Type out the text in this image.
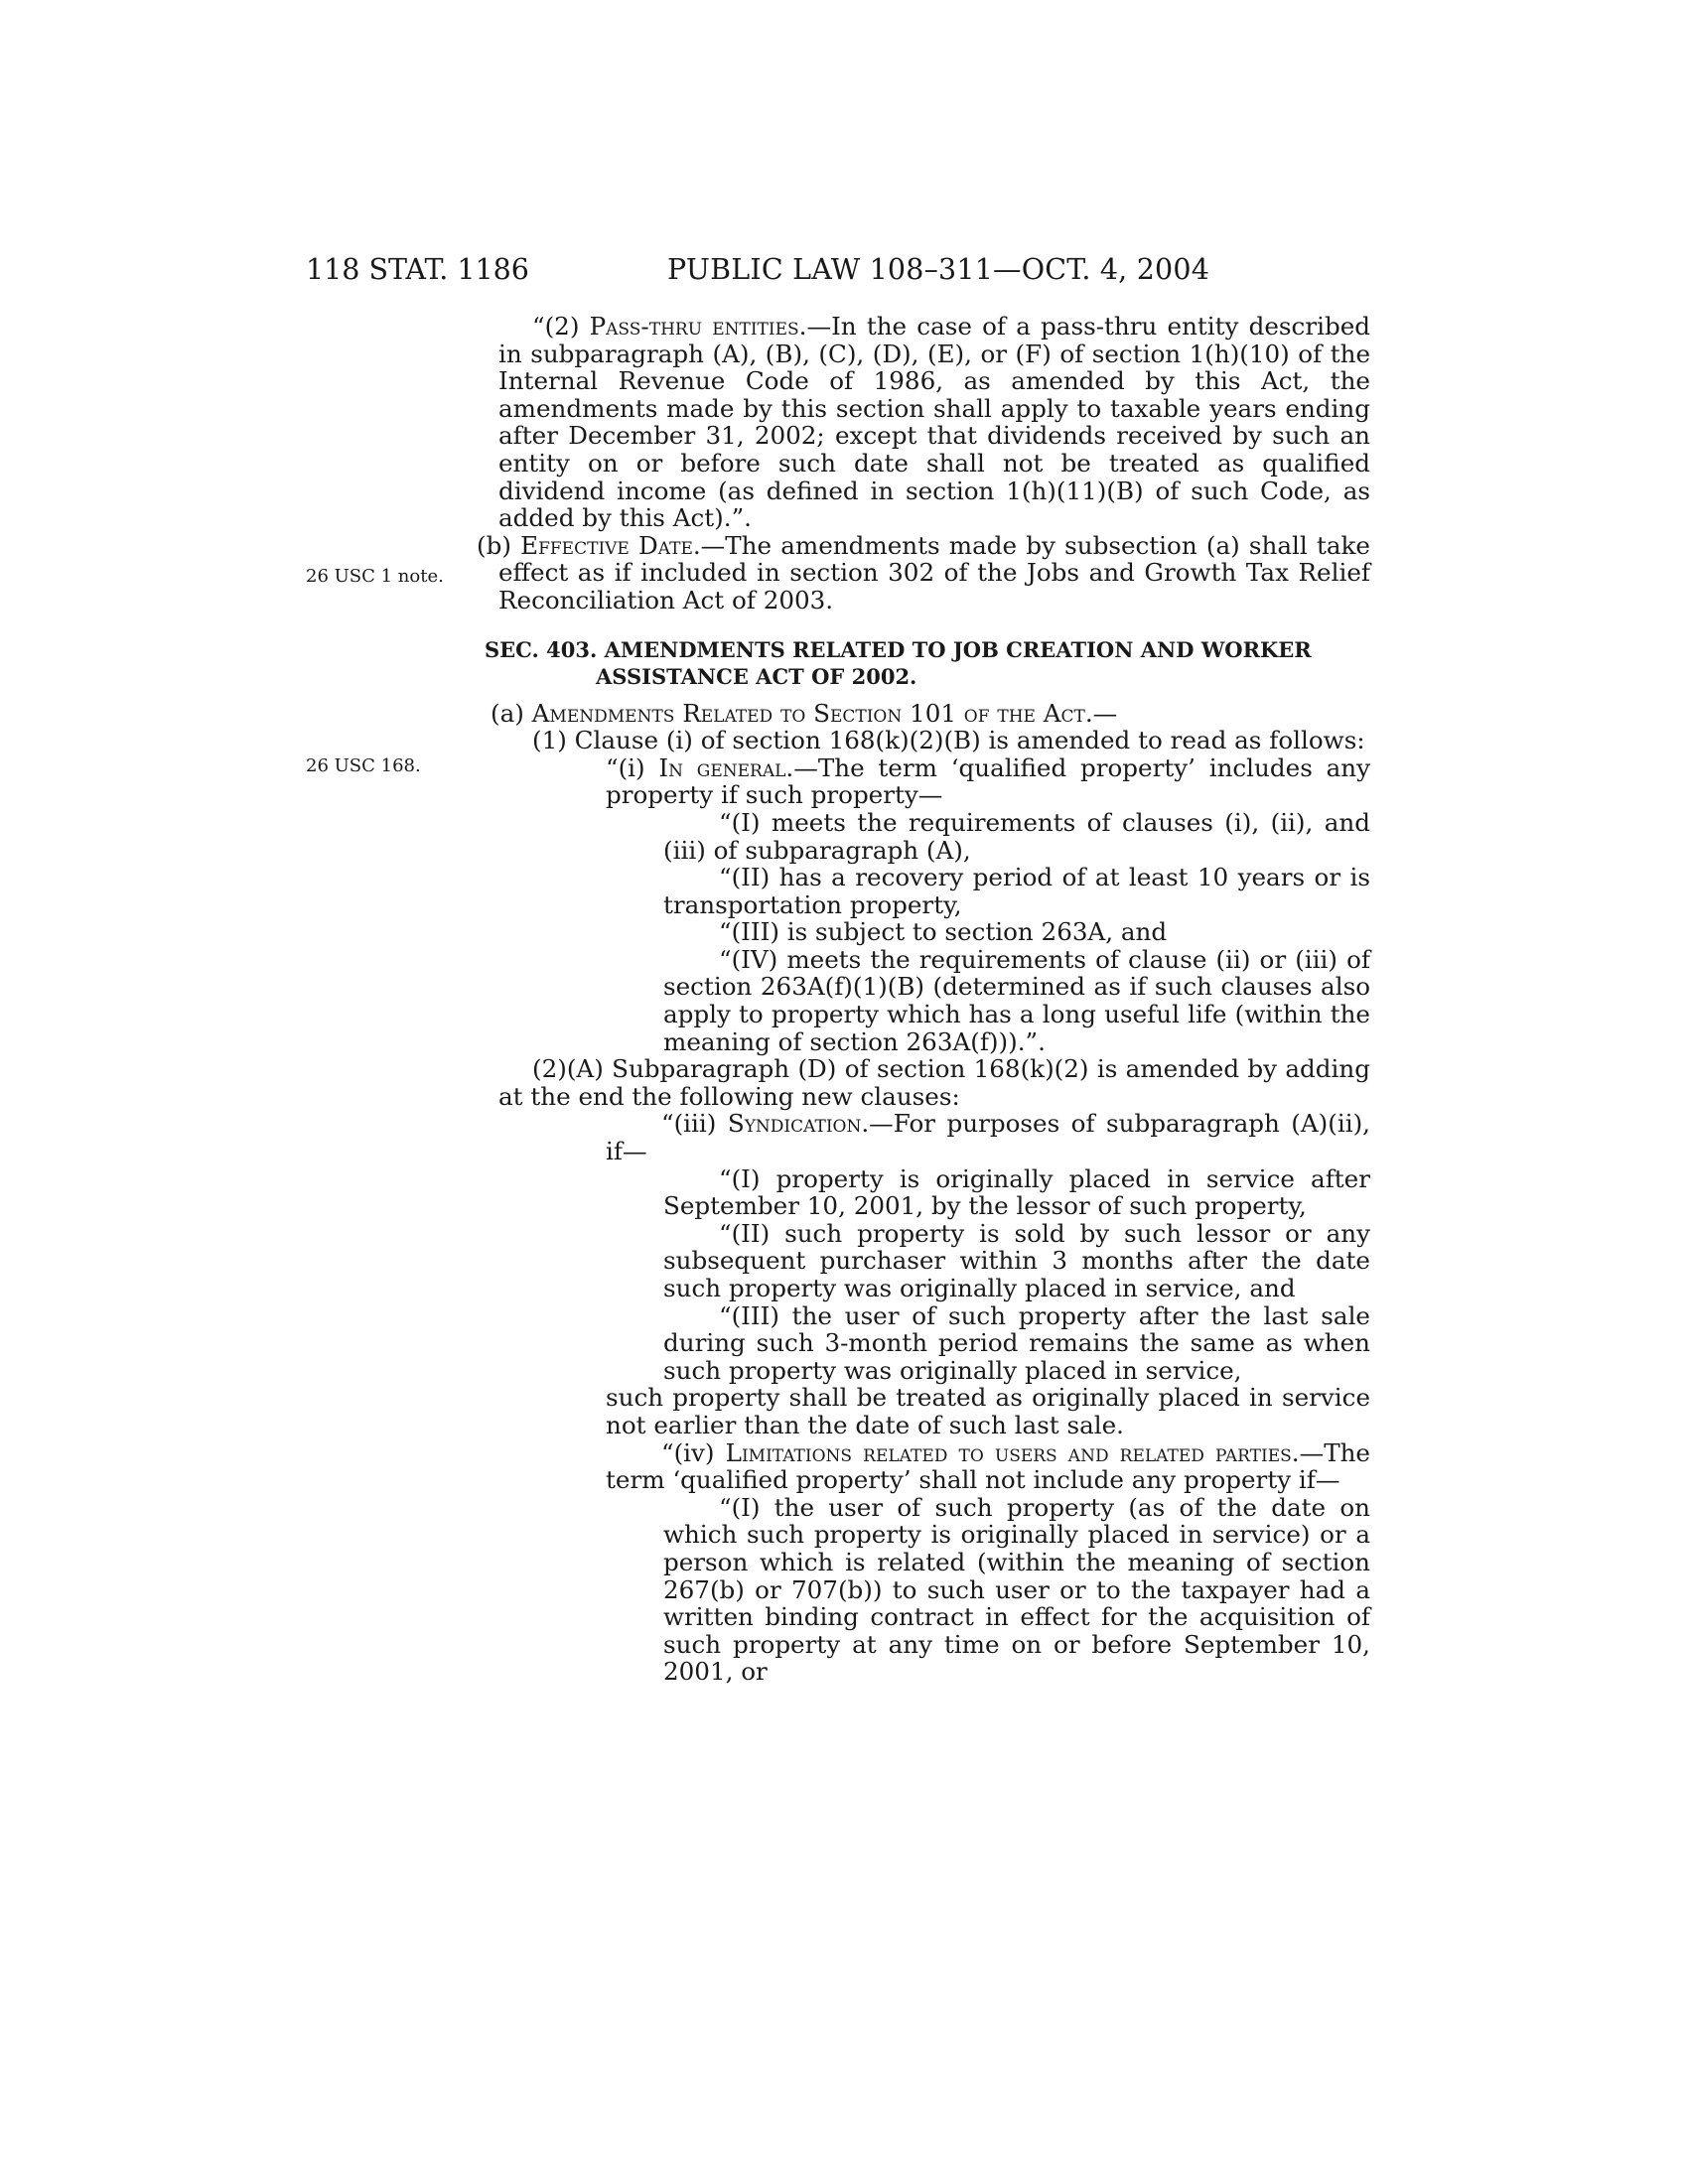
118 STAT. 1186	PUBLIC LAW 108–311—OCT. 4, 2004
26 USC 1 note.
26 USC 168.

“(2) Pass-thru entities.—In the case of a pass-thru entity described in subparagraph (A), (B), (C), (D), (E), or (F) of section 1(h)(10) of the Internal Revenue Code of 1986, as amended by this Act, the amendments made by this section shall apply to taxable years ending after December 31, 2002; except that dividends received by such an entity on or before such date shall not be treated as qualified dividend income (as defined in section 1(h)(11)(B) of such Code, as added by this Act).”.

(b) Effective Date.—The amendments made by subsection (a) shall take effect as if included in section 302 of the Jobs and Growth Tax Relief Reconciliation Act of 2003.

SEC. 403. AMENDMENTS RELATED TO JOB CREATION AND WORKER
ASSISTANCE ACT OF 2002.

(a) Amendments Related to Section 101 of the Act.—

(1) Clause (i) of section 168(k)(2)(B) is amended to read as follows:

“(i) In general.—The term ‘qualified property’ includes any property if such property—

“(I) meets the requirements of clauses (i), (ii), and (iii) of subparagraph (A),

“(II) has a recovery period of at least 10 years or is transportation property,

“(III) is subject to section 263A, and

“(IV) meets the requirements of clause (ii) or (iii) of section 263A(f)(1)(B) (determined as if such clauses also apply to property which has a long useful life (within the meaning of section 263A(f))).”.

(2)(A) Subparagraph (D) of section 168(k)(2) is amended by adding at the end the following new clauses:

“(iii) Syndication.—For purposes of subparagraph (A)(ii), if—

“(I) property is originally placed in service after September 10, 2001, by the lessor of such property,

“(II) such property is sold by such lessor or any subsequent purchaser within 3 months after the date such property was originally placed in service, and

“(III) the user of such property after the last sale during such 3-month period remains the same as when such property was originally placed in service,

such property shall be treated as originally placed in service not earlier than the date of such last sale.

“(iv) Limitations related to users and related parties.—The term ‘qualified property’ shall not include any property if—

“(I) the user of such property (as of the date on which such property is originally placed in service) or a person which is related (within the meaning of section 267(b) or 707(b)) to such user or to the taxpayer had a written binding contract in effect for the acquisition of such property at any time on or before September 10, 2001, or
